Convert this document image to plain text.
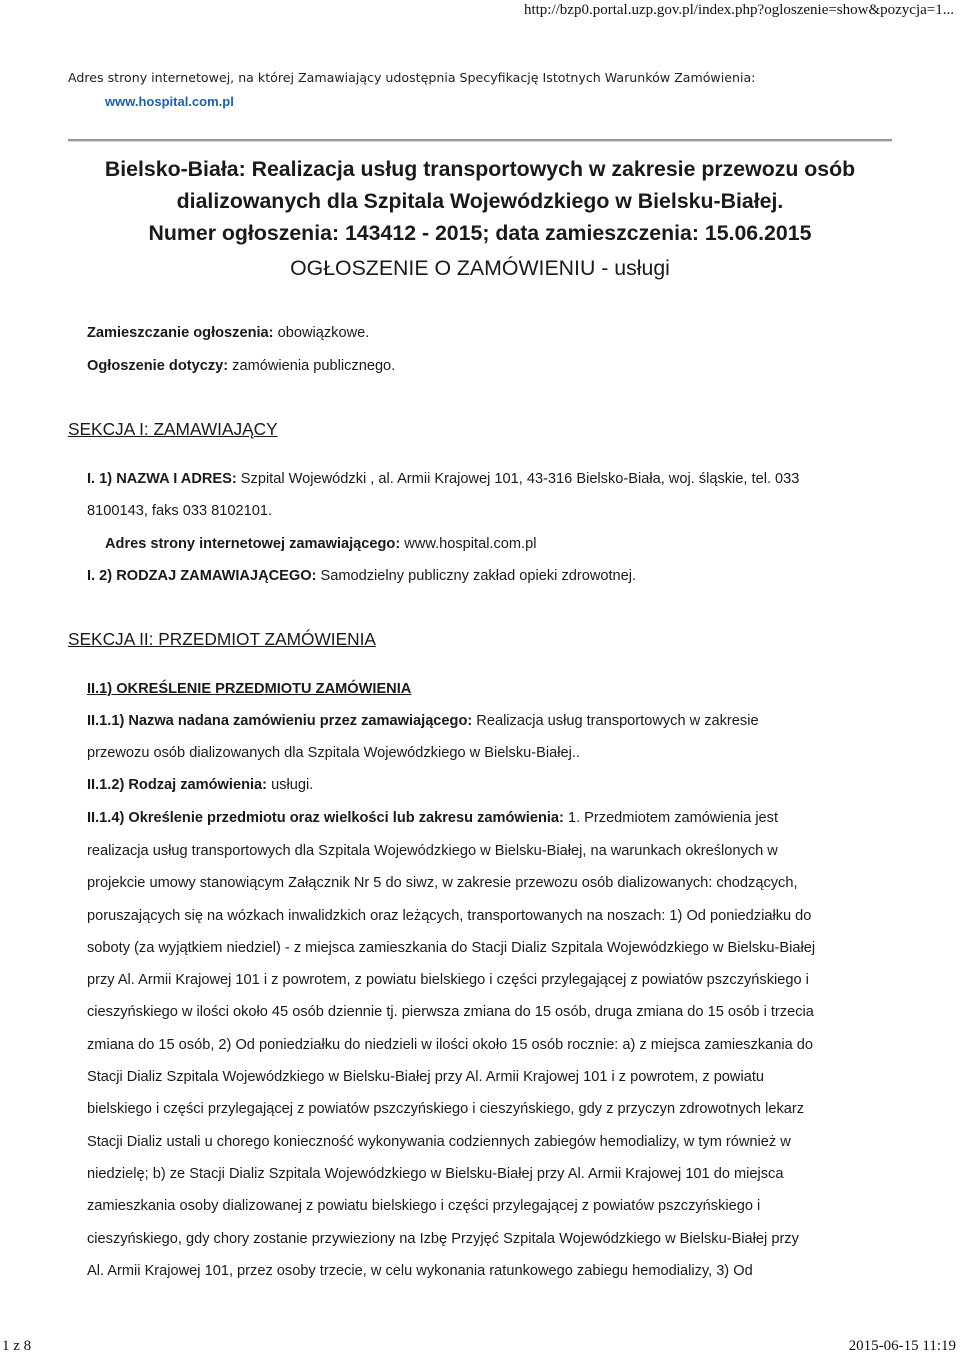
http://bzp0.portal.uzp.gov.pl/index.php?ogloszenie=show&pozycja=1...
Adres strony internetowej, na której Zamawiający udostępnia Specyfikację Istotnych Warunków Zamówienia:
www.hospital.com.pl
Bielsko-Biała: Realizacja usług transportowych w zakresie przewozu osób
dializowanych dla Szpitala Wojewódzkiego w Bielsku-Białej.
Numer ogłoszenia: 143412 - 2015; data zamieszczenia: 15.06.2015
OGŁOSZENIE O ZAMÓWIENIU - usługi
Zamieszczanie ogłoszenia: obowiązkowe.
Ogłoszenie dotyczy: zamówienia publicznego.
SEKCJA I: ZAMAWIAJĄCY
I. 1) NAZWA I ADRES: Szpital Wojewódzki , al. Armii Krajowej 101, 43-316 Bielsko-Biała, woj. śląskie, tel. 033
8100143, faks 033 8102101.
Adres strony internetowej zamawiającego: www.hospital.com.pl
I. 2) RODZAJ ZAMAWIAJĄCEGO: Samodzielny publiczny zakład opieki zdrowotnej.
SEKCJA II: PRZEDMIOT ZAMÓWIENIA
II.1) OKREŚLENIE PRZEDMIOTU ZAMÓWIENIA
II.1.1) Nazwa nadana zamówieniu przez zamawiającego: Realizacja usług transportowych w zakresie
przewozu osób dializowanych dla Szpitala Wojewódzkiego w Bielsku-Białej..
II.1.2) Rodzaj zamówienia: usługi.
II.1.4) Określenie przedmiotu oraz wielkości lub zakresu zamówienia: 1. Przedmiotem zamówienia jest

realizacja usług transportowych dla Szpitala Wojewódzkiego w Bielsku-Białej, na warunkach określonych w

projekcie umowy stanowiącym Załącznik Nr 5 do siwz, w zakresie przewozu osób dializowanych: chodzących,

poruszających się na wózkach inwalidzkich oraz leżących, transportowanych na noszach: 1) Od poniedziałku do

soboty (za wyjątkiem niedziel) - z miejsca zamieszkania do Stacji Dializ Szpitala Wojewódzkiego w Bielsku-Białej

przy Al. Armii Krajowej 101 i z powrotem, z powiatu bielskiego i części przylegającej z powiatów pszczyńskiego i

cieszyńskiego w ilości około 45 osób dziennie tj. pierwsza zmiana do 15 osób, druga zmiana do 15 osób i trzecia

zmiana do 15 osób, 2) Od poniedziałku do niedzieli w ilości około 15 osób rocznie: a) z miejsca zamieszkania do

Stacji Dializ Szpitala Wojewódzkiego w Bielsku-Białej przy Al. Armii Krajowej 101 i z powrotem, z powiatu

bielskiego i części przylegającej z powiatów pszczyńskiego i cieszyńskiego, gdy z przyczyn zdrowotnych lekarz

Stacji Dializ ustali u chorego konieczność wykonywania codziennych zabiegów hemodializy, w tym również w

niedzielę; b) ze Stacji Dializ Szpitala Wojewódzkiego w Bielsku-Białej przy Al. Armii Krajowej 101 do miejsca

zamieszkania osoby dializowanej z powiatu bielskiego i części przylegającej z powiatów pszczyńskiego i

cieszyńskiego, gdy chory zostanie przywieziony na Izbę Przyjęć Szpitala Wojewódzkiego w Bielsku-Białej przy

Al. Armii Krajowej 101, przez osoby trzecie, w celu wykonania ratunkowego zabiegu hemodializy, 3) Od

1 z 8	2015-06-15 11:19
